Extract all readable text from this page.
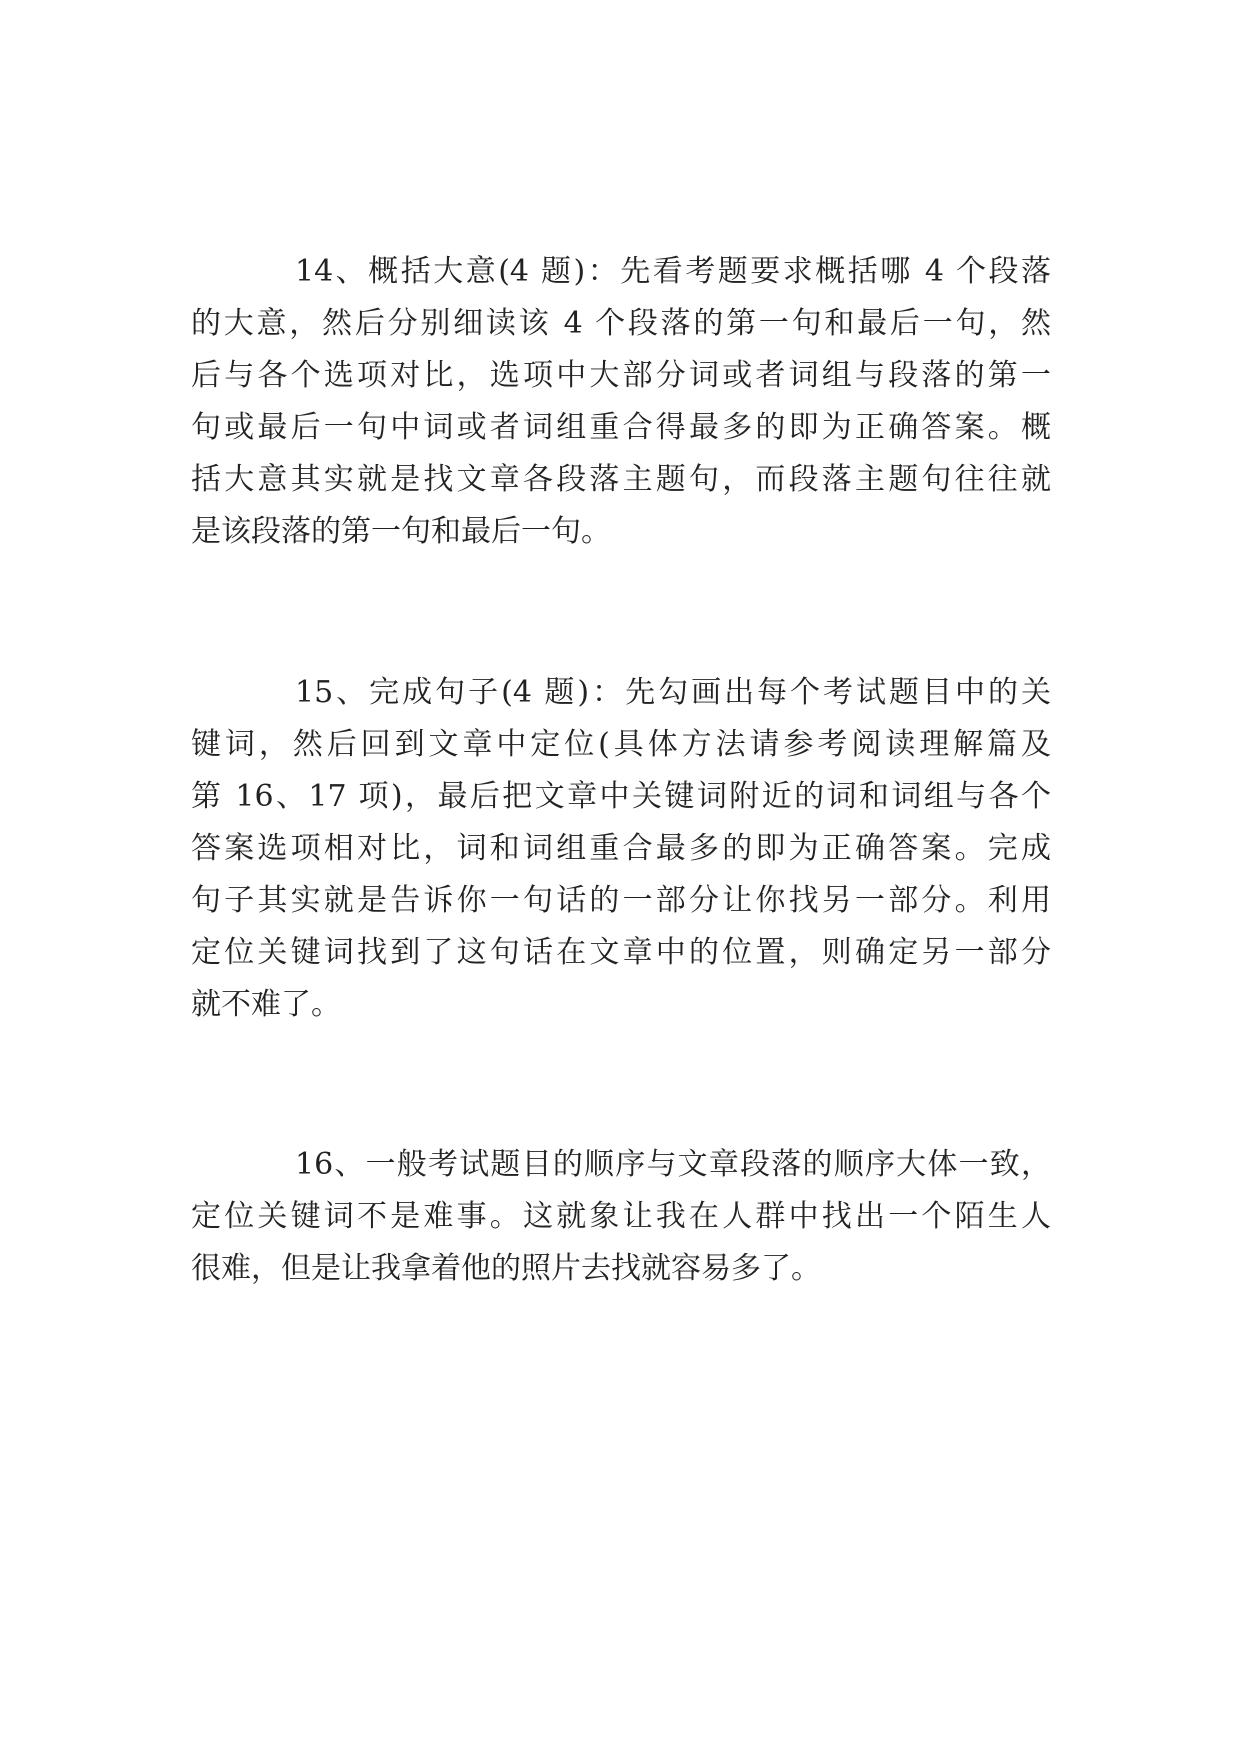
14、概括大意(4 题)：先看考题要求概括哪 4 个段落

的大意，然后分别细读该 4 个段落的第一句和最后一句，然

后与各个选项对比，选项中大部分词或者词组与段落的第一

句或最后一句中词或者词组重合得最多的即为正确答案。概

括大意其实就是找文章各段落主题句，而段落主题句往往就

是该段落的第一句和最后一句。

15、完成句子(4 题)：先勾画出每个考试题目中的关

键词，然后回到文章中定位(具体方法请参考阅读理解篇及

第 16、17 项)，最后把文章中关键词附近的词和词组与各个

答案选项相对比，词和词组重合最多的即为正确答案。完成

句子其实就是告诉你一句话的一部分让你找另一部分。利用

定位关键词找到了这句话在文章中的位置，则确定另一部分

就不难了。

16、一般考试题目的顺序与文章段落的顺序大体一致，

定位关键词不是难事。这就象让我在人群中找出一个陌生人

很难，但是让我拿着他的照片去找就容易多了。
